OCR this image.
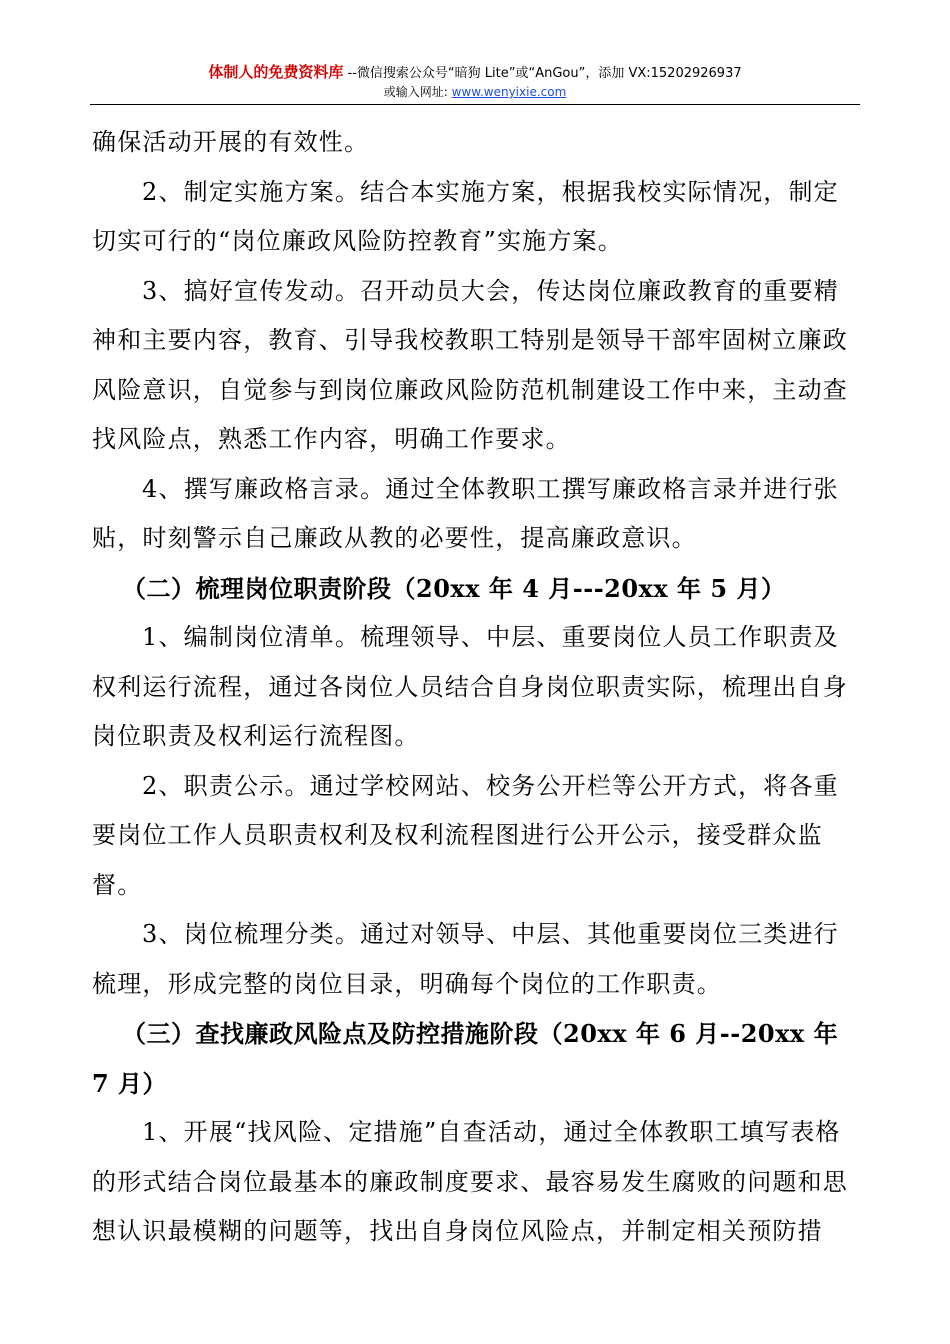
体制人的免费资料库 --微信搜索公众号“暗狗 Lite”或“AnGou”，添加 VX:15202926937
或输入网址: www.wenyixie.com

确保活动开展的有效性。

2、制定实施方案。结合本实施方案，根据我校实际情况，制定切实可行的“岗位廉政风险防控教育”实施方案。

3、搞好宣传发动。召开动员大会，传达岗位廉政教育的重要精神和主要内容，教育、引导我校教职工特别是领导干部牢固树立廉政风险意识，自觉参与到岗位廉政风险防范机制建设工作中来，主动查找风险点，熟悉工作内容，明确工作要求。

4、撰写廉政格言录。通过全体教职工撰写廉政格言录并进行张贴，时刻警示自己廉政从教的必要性，提高廉政意识。

（二）梳理岗位职责阶段（20xx 年 4 月---20xx 年 5 月）

1、编制岗位清单。梳理领导、中层、重要岗位人员工作职责及权利运行流程，通过各岗位人员结合自身岗位职责实际，梳理出自身岗位职责及权利运行流程图。

2、职责公示。通过学校网站、校务公开栏等公开方式，将各重要岗位工作人员职责权利及权利流程图进行公开公示，接受群众监督。

3、岗位梳理分类。通过对领导、中层、其他重要岗位三类进行梳理，形成完整的岗位目录，明确每个岗位的工作职责。

（三）查找廉政风险点及防控措施阶段（20xx 年 6 月--20xx 年 7 月）

1、开展“找风险、定措施”自查活动，通过全体教职工填写表格的形式结合岗位最基本的廉政制度要求、最容易发生腐败的问题和思想认识最模糊的问题等，找出自身岗位风险点，并制定相关预防措
